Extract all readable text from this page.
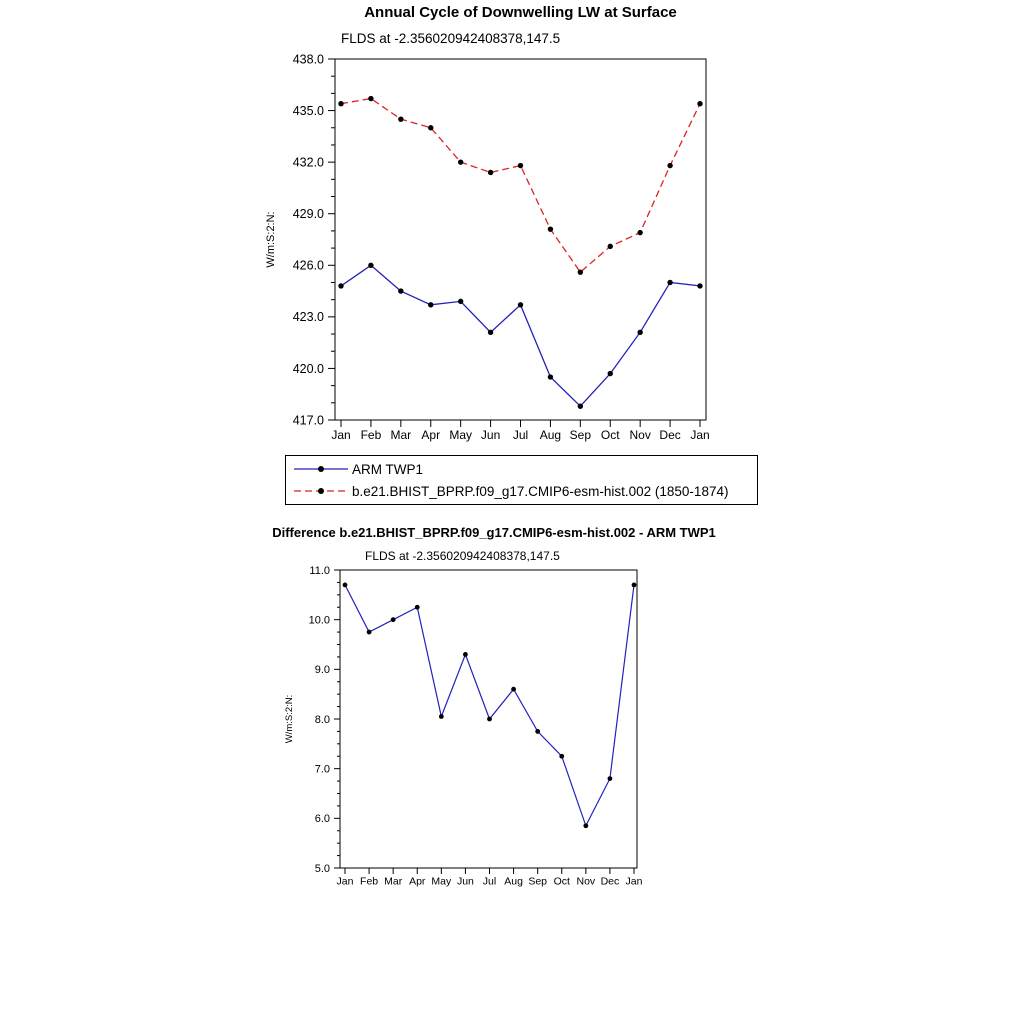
417.0
420.0
423.0
426.0
429.0
432.0
435.0
438.0
Jan Feb Mar Apr May Jun Jul Aug Sep Oct Nov Dec Jan
W/m:S:2:N:
5.0
6.0
7.0
8.0
9.0
10.0
11.0
Jan Feb Mar Apr May Jun Jul Aug Sep Oct Nov Dec Jan
W/m:S:2:N:
Annual Cycle of Downwelling LW at Surface
FLDS at -2.356020942408378,147.5
ARM TWP1
b.e21.BHIST_BPRP.f09_g17.CMIP6-esm-hist.002 (1850-1874)
Difference b.e21.BHIST_BPRP.f09_g17.CMIP6-esm-hist.002 - ARM TWP1
FLDS at -2.356020942408378,147.5
